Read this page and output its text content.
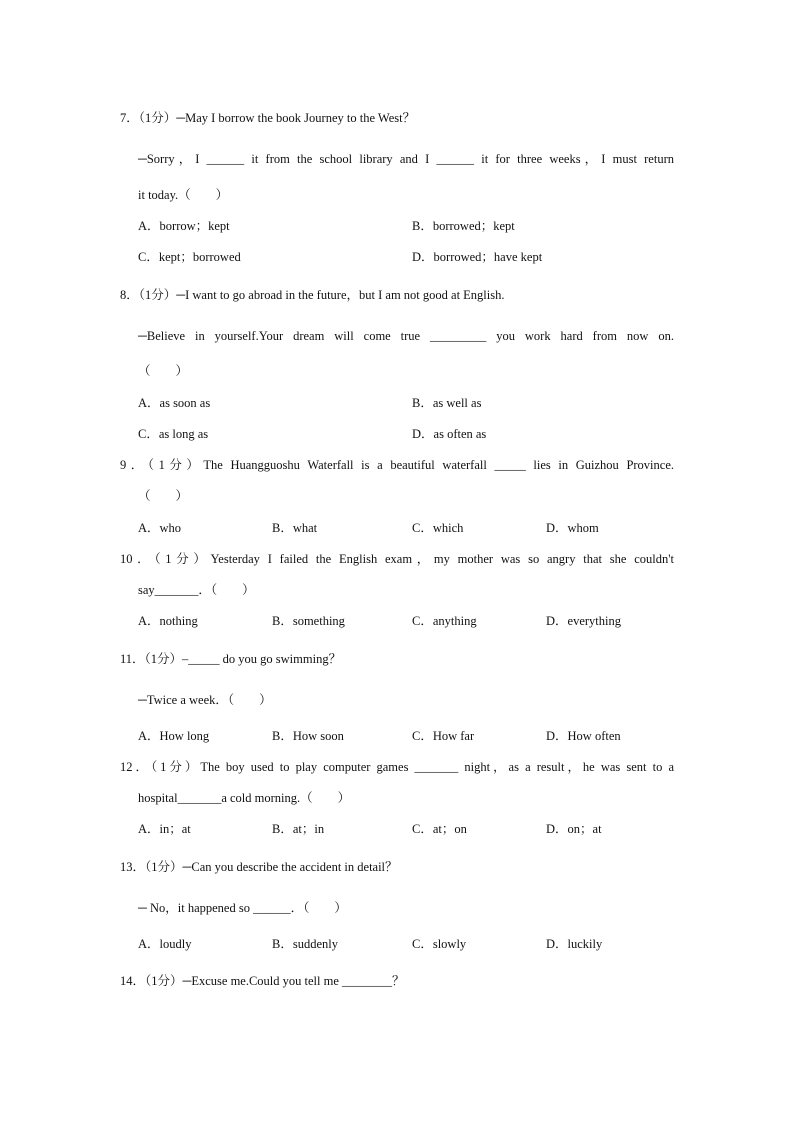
7．（1分）─May I borrow the book Journey to the West？
─Sorry，I ______ it from the school library and I ______ it for three weeks，I must return
it today.（　　）
A．borrow；kept	B．borrowed；kept
C．kept；borrowed	D．borrowed；have kept
8．（1分）─I want to go abroad in the future，but I am not good at English.
─Believe in yourself.Your dream will come true _________ you work hard from now on.
（　　）
A．as soon as	B．as well as
C．as long as	D．as often as
9．（1分）The Huangguoshu Waterfall is a beautiful waterfall _____ lies in Guizhou Province.
（　　）
A．who	B．what	C．which	D．whom
10．（1分）Yesterday I failed the English exam，my mother was so angry that she couldn't
say_______．（　　）
A．nothing	B．something	C．anything	D．everything
11．（1分）–_____ do you go swimming？
─Twice a week．（　　）
A．How long	B．How soon	C．How far	D．How often
12．（1分）The boy used to play computer games _______ night，as a result，he was sent to a
hospital_______a cold morning.（　　）
A．in；at	B．at；in	C．at；on	D．on；at
13．（1分）─Can you describe the accident in detail？
─ No，it happened so ______．（　　）
A．loudly	B．suddenly	C．slowly	D．luckily
14．（1分）─Excuse me.Could you tell me ________？
